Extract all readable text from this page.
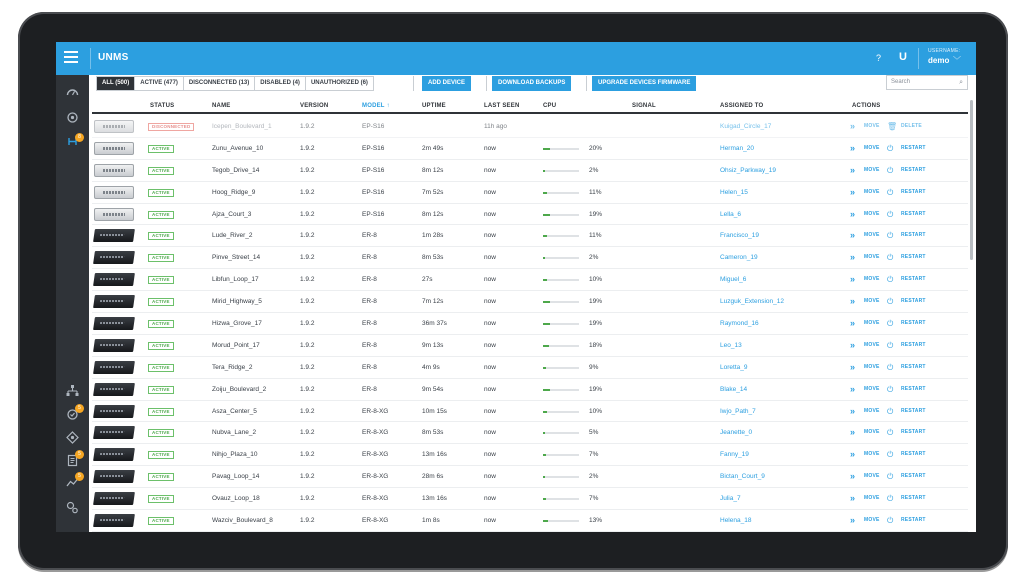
UNMS	? U	USERNAME:
demo ﹀
8
5
5
5
ALL (500)	ACTIVE (477)	DISCONNECTED (13)	DISABLED (4)	UNAUTHORIZED (6)	ADD DEVICE	DOWNLOAD BACKUPS	UPGRADE DEVICES FIRMWARE	Search	⌕
STATUS	NAME	VERSION	MODEL ↑	UPTIME	LAST SEEN	CPU	SIGNAL	ASSIGNED TO	ACTIONS
DISCONNECTED	Icepen_Boulevard_1	1.9.2	EP-S16	11h ago	Kuigad_Circle_17	» MOVE 🗑 DELETE
ACTIVE	Zunu_Avenue_10	1.9.2	EP-S16	2m 49s	now	20%	Herman_20	» MOVE ⏻ RESTART
ACTIVE	Tegob_Drive_14	1.9.2	EP-S16	8m 12s	now	2%	Ohsiz_Parkway_19	» MOVE ⏻ RESTART
ACTIVE	Hoog_Ridge_9	1.9.2	EP-S16	7m 52s	now	11%	Helen_15	» MOVE ⏻ RESTART
ACTIVE	Ajza_Court_3	1.9.2	EP-S16	8m 12s	now	19%	Lella_6	» MOVE ⏻ RESTART
ACTIVE	Lude_River_2	1.9.2	ER-8	1m 28s	now	11%	Francisco_19	» MOVE ⏻ RESTART
ACTIVE	Pinve_Street_14	1.9.2	ER-8	8m 53s	now	2%	Cameron_19	» MOVE ⏻ RESTART
ACTIVE	Libfun_Loop_17	1.9.2	ER-8	27s	now	10%	Miguel_6	» MOVE ⏻ RESTART
ACTIVE	Mirid_Highway_5	1.9.2	ER-8	7m 12s	now	19%	Luzguk_Extension_12	» MOVE ⏻ RESTART
ACTIVE	Hizwa_Grove_17	1.9.2	ER-8	36m 37s	now	19%	Raymond_16	» MOVE ⏻ RESTART
ACTIVE	Morud_Point_17	1.9.2	ER-8	9m 13s	now	18%	Leo_13	» MOVE ⏻ RESTART
ACTIVE	Tera_Ridge_2	1.9.2	ER-8	4m 9s	now	9%	Loretta_9	» MOVE ⏻ RESTART
ACTIVE	Zoiju_Boulevard_2	1.9.2	ER-8	9m 54s	now	19%	Blake_14	» MOVE ⏻ RESTART
ACTIVE	Asza_Center_5	1.9.2	ER-8-XG	10m 15s	now	10%	Iwjo_Path_7	» MOVE ⏻ RESTART
ACTIVE	Nubva_Lane_2	1.9.2	ER-8-XG	8m 53s	now	5%	Jeanette_0	» MOVE ⏻ RESTART
ACTIVE	Nihjo_Plaza_10	1.9.2	ER-8-XG	13m 16s	now	7%	Fanny_19	» MOVE ⏻ RESTART
ACTIVE	Pavag_Loop_14	1.9.2	ER-8-XG	28m 6s	now	2%	Bictan_Court_9	» MOVE ⏻ RESTART
ACTIVE	Ovauz_Loop_18	1.9.2	ER-8-XG	13m 16s	now	7%	Julia_7	» MOVE ⏻ RESTART
ACTIVE	Wazciv_Boulevard_8	1.9.2	ER-8-XG	1m 8s	now	13%	Helena_18	» MOVE ⏻ RESTART
